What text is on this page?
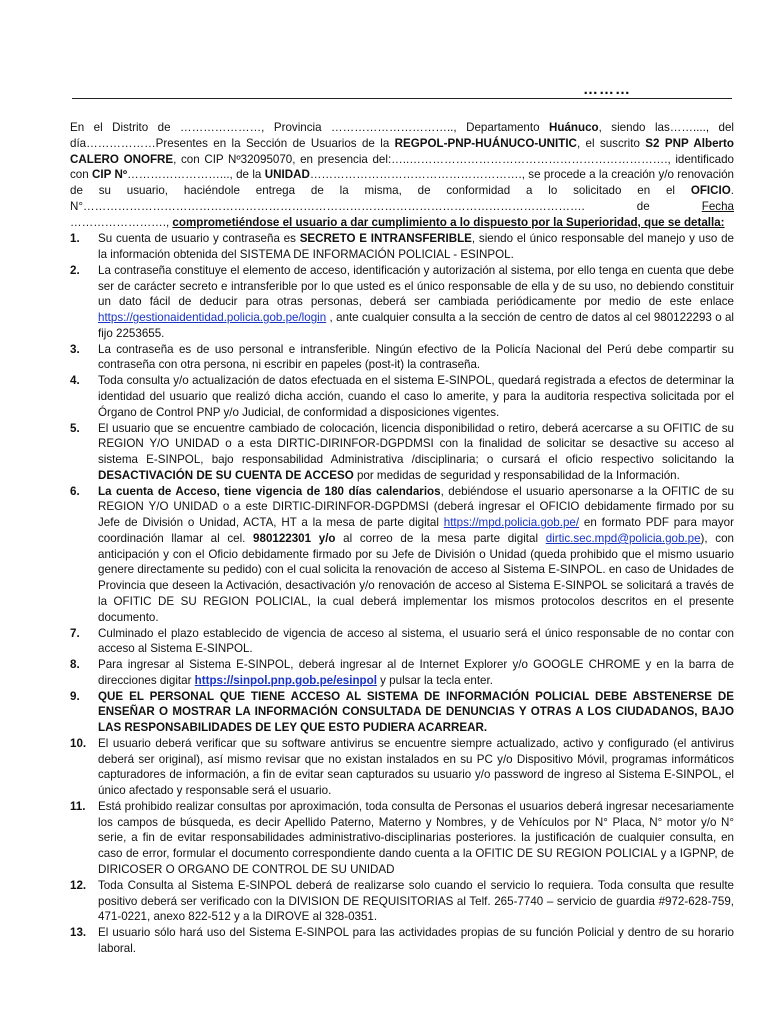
………

En el Distrito de …………………, Provincia ………………………….., Departamento Huánuco, siendo las……...., del día………………Presentes en la Sección de Usuarios de la REGPOL-PNP-HUÁNUCO-UNITIC, el suscrito S2 PNP Alberto CALERO ONOFRE, con CIP Nº32095070, en presencia del:…..…………………………………………………………., identificado con CIP Nº……………………..., de la UNIDAD………………………………………………., se procede a la creación y/o renovación de su usuario, haciéndole entrega de la misma, de conformidad a lo solicitado en el OFICIO. N°…………………………………………………………………………………………………………………. de Fecha ……………………., comprometiéndose el usuario a dar cumplimiento a lo dispuesto por la Superioridad, que se detalla:

1. Su cuenta de usuario y contraseña es SECRETO E INTRANSFERIBLE, siendo el único responsable del manejo y uso de la información obtenida del SISTEMA DE INFORMACIÓN POLICIAL - ESINPOL.
2. La contraseña constituye el elemento de acceso, identificación y autorización al sistema, por ello tenga en cuenta que debe ser de carácter secreto e intransferible por lo que usted es el único responsable de ella y de su uso, no debiendo constituir un dato fácil de deducir para otras personas, deberá ser cambiada periódicamente por medio de este enlace https://gestionaidentidad.policia.gob.pe/login , ante cualquier consulta a la sección de centro de datos al cel 980122293 o al fijo 2253655.
3. La contraseña es de uso personal e intransferible. Ningún efectivo de la Policía Nacional del Perú debe compartir su contraseña con otra persona, ni escribir en papeles (post-it) la contraseña.
4. Toda consulta y/o actualización de datos efectuada en el sistema E-SINPOL, quedará registrada a efectos de determinar la identidad del usuario que realizó dicha acción, cuando el caso lo amerite, y para la auditoria respectiva solicitada por el Órgano de Control PNP y/o Judicial, de conformidad a disposiciones vigentes.
5. El usuario que se encuentre cambiado de colocación, licencia disponibilidad o retiro, deberá acercarse a su OFITIC de su REGION Y/O UNIDAD o a esta DIRTIC-DIRINFOR-DGPDMSI con la finalidad de solicitar se desactive su acceso al sistema E-SINPOL, bajo responsabilidad Administrativa /disciplinaria; o cursará el oficio respectivo solicitando la DESACTIVACIÓN DE SU CUENTA DE ACCESO por medidas de seguridad y responsabilidad de la Información.
6. La cuenta de Acceso, tiene vigencia de 180 días calendarios, debiéndose el usuario apersonarse a la OFITIC de su REGION Y/O UNIDAD o a este DIRTIC-DIRINFOR-DGPDMSI (deberá ingresar el OFICIO debidamente firmado por su Jefe de División o Unidad, ACTA, HT a la mesa de parte digital https://mpd.policia.gob.pe/ en formato PDF para mayor coordinación llamar al cel. 980122301 y/o al correo de la mesa parte digital dirtic.sec.mpd@policia.gob.pe), con anticipación y con el Oficio debidamente firmado por su Jefe de División o Unidad (queda prohibido que el mismo usuario genere directamente su pedido) con el cual solicita la renovación de acceso al Sistema E-SINPOL. en caso de Unidades de Provincia que deseen la Activación, desactivación y/o renovación de acceso al Sistema E-SINPOL se solicitará a través de la OFITIC DE SU REGION POLICIAL, la cual deberá implementar los mismos protocolos descritos en el presente documento.
7. Culminado el plazo establecido de vigencia de acceso al sistema, el usuario será el único responsable de no contar con acceso al Sistema E-SINPOL.
8. Para ingresar al Sistema E-SINPOL, deberá ingresar al de Internet Explorer y/o GOOGLE CHROME y en la barra de direcciones digitar https://sinpol.pnp.gob.pe/esinpol y pulsar la tecla enter.
9. QUE EL PERSONAL QUE TIENE ACCESO AL SISTEMA DE INFORMACIÓN POLICIAL DEBE ABSTENERSE DE ENSEÑAR O MOSTRAR LA INFORMACIÓN CONSULTADA DE DENUNCIAS Y OTRAS A LOS CIUDADANOS, BAJO LAS RESPONSABILIDADES DE LEY QUE ESTO PUDIERA ACARREAR.
10. El usuario deberá verificar que su software antivirus se encuentre siempre actualizado, activo y configurado (el antivirus deberá ser original), así mismo revisar que no existan instalados en su PC y/o Dispositivo Móvil, programas informáticos capturadores de información, a fin de evitar sean capturados su usuario y/o password de ingreso al Sistema E-SINPOL, el único afectado y responsable será el usuario.
11. Está prohibido realizar consultas por aproximación, toda consulta de Personas el usuarios deberá ingresar necesariamente los campos de búsqueda, es decir Apellido Paterno, Materno y Nombres, y de Vehículos por N° Placa, N° motor y/o N° serie, a fin de evitar responsabilidades administrativo-disciplinarias posteriores. la justificación de cualquier consulta, en caso de error, formular el documento correspondiente dando cuenta a la OFITIC DE SU REGION POLICIAL y a IGPNP, de DIRICOSER O ORGANO DE CONTROL DE SU UNIDAD
12. Toda Consulta al Sistema E-SINPOL deberá de realizarse solo cuando el servicio lo requiera. Toda consulta que resulte positivo deberá ser verificado con la DIVISION DE REQUISITORIAS al Telf. 265-7740 – servicio de guardia #972-628-759, 471-0221, anexo 822-512 y a la DIROVE al 328-0351.
13. El usuario sólo hará uso del Sistema E-SINPOL para las actividades propias de su función Policial y dentro de su horario laboral.
